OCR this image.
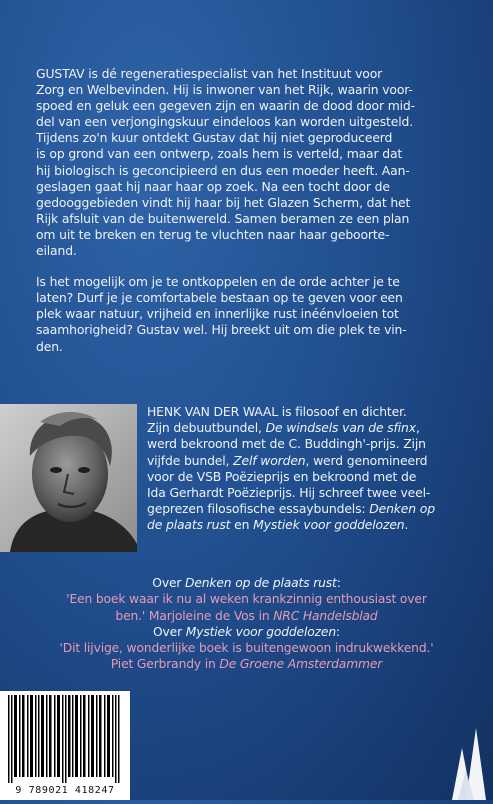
GUSTAV is dé regeneratiespecialist van het Instituut voor
Zorg en Welbevinden. Hij is inwoner van het Rijk, waarin voor-
spoed en geluk een gegeven zijn en waarin de dood door mid-
del van een verjongingskuur eindeloos kan worden uitgesteld.
Tijdens zo'n kuur ontdekt Gustav dat hij niet geproduceerd
is op grond van een ontwerp, zoals hem is verteld, maar dat
hij biologisch is geconcipieerd en dus een moeder heeft. Aan-
geslagen gaat hij naar haar op zoek. Na een tocht door de
gedooggebieden vindt hij haar bij het Glazen Scherm, dat het
Rijk afsluit van de buitenwereld. Samen beramen ze een plan
om uit te breken en terug te vluchten naar haar geboorte-
eiland.

Is het mogelijk om je te ontkoppelen en de orde achter je te
laten? Durf je je comfortabele bestaan op te geven voor een
plek waar natuur, vrijheid en innerlijke rust inéénvloeien tot
saamhorigheid? Gustav wel. Hij breekt uit om die plek te vin-
den.

HENK VAN DER WAAL is filosoof en dichter.
Zijn debuutbundel, De windsels van de sfinx,
werd bekroond met de C. Buddingh'-prijs. Zijn
vijfde bundel, Zelf worden, werd genomineerd
voor de VSB Poëzieprijs en bekroond met de
Ida Gerhardt Poëzieprijs. Hij schreef twee veel-
geprezen filosofische essaybundels: Denken op
de plaats rust en Mystiek voor goddelozen.
Over Denken op de plaats rust:
'Een boek waar ik nu al weken krankzinnig enthousiast over
ben.' Marjoleine de Vos in NRC Handelsblad
Over Mystiek voor goddelozen:
'Dit lijvige, wonderlijke boek is buitengewoon indrukwekkend.'
Piet Gerbrandy in De Groene Amsterdammer
9 789021 418247
